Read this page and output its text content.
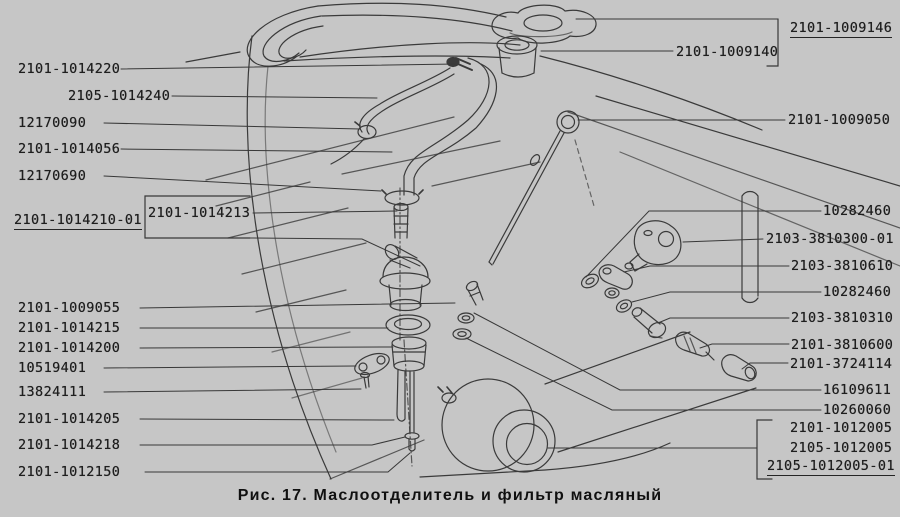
2101-1014220
2105-1014240
12170090
2101-1014056
12170690
2101-1014210-01 2101-1014213
2101-1009055
2101-1014215
2101-1014200
10519401
13824111
2101-1014205
2101-1014218
2101-1012150
2101-1009146
2101-1009140
2101-1009050
10282460
2103-3810300-01
2103-3810610
10282460
2103-3810310
2101-3810600
2101-3724114
16109611
10260060
2101-1012005
2105-1012005
2105-1012005-01
Рис. 17. Маслоотделитель и фильтр масляный
